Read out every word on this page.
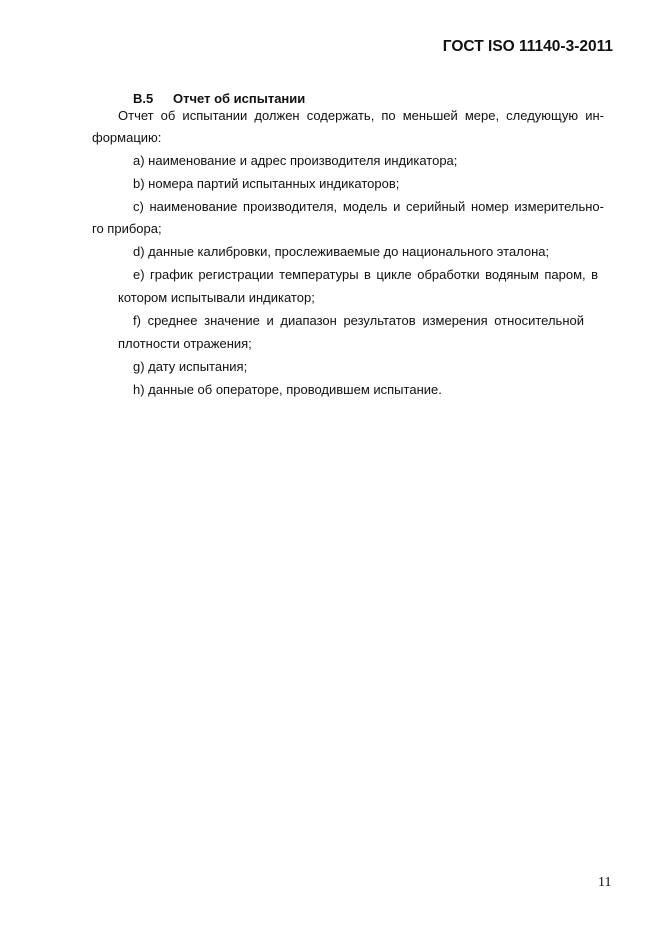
ГОСТ ISO 11140-3-2011
В.5 Отчет об испытании
Отчет об испытании должен содержать, по меньшей мере, следующую ин-
формацию:
a) наименование и адрес производителя индикатора;
b) номера партий испытанных индикаторов;
c) наименование производителя, модель и серийный номер измерительно-
го прибора;
d) данные калибровки, прослеживаемые до национального эталона;
e) график регистрации температуры в цикле обработки водяным паром, в
котором испытывали индикатор;
f) среднее значение и диапазон результатов измерения относительной
плотности отражения;
g) дату испытания;
h) данные об операторе, проводившем испытание.
11
